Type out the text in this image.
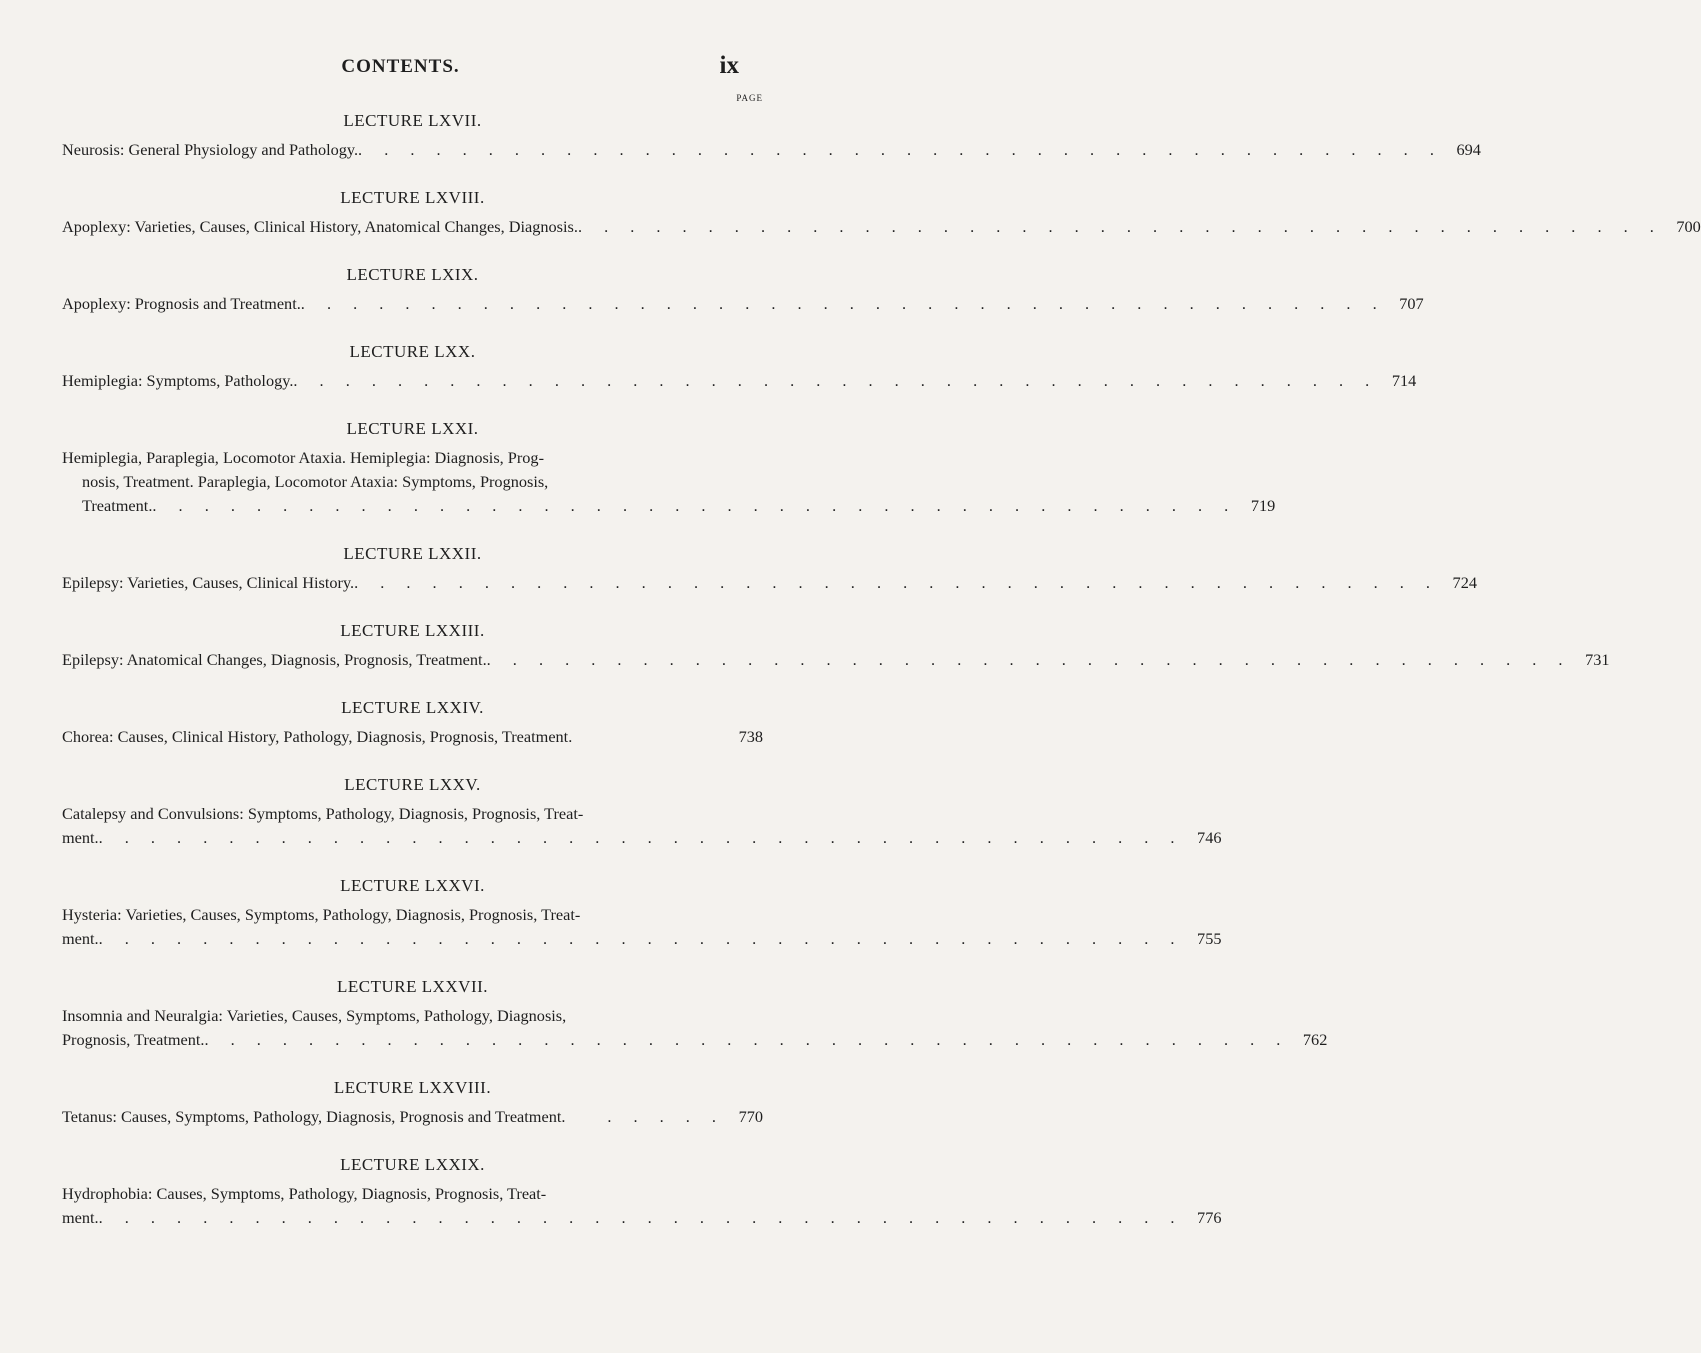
CONTENTS.	ix
PAGE
LECTURE LXVII.
Neurosis: General Physiology and Pathology. . . . . . . . . . . . . . . . . . . . . . . . . . . . . . . . . . . . . . . . . . . 694
LECTURE LXVIII.
Apoplexy: Varieties, Causes, Clinical History, Anatomical Changes, Diagnosis. . . . . . . . . . . . . . . . . . . . . . . . . . . . . . . . . . . . . . . . . . . 700
LECTURE LXIX.
Apoplexy: Prognosis and Treatment. . . . . . . . . . . . . . . . . . . . . . . . . . . . . . . . . . . . . . . . . . . 707
LECTURE LXX.
Hemiplegia: Symptoms, Pathology. . . . . . . . . . . . . . . . . . . . . . . . . . . . . . . . . . . . . . . . . . . 714
LECTURE LXXI.
Hemiplegia, Paraplegia, Locomotor Ataxia. Hemiplegia: Diagnosis, Prog-
nosis, Treatment. Paraplegia, Locomotor Ataxia: Symptoms, Prognosis,
Treatment. . . . . . . . . . . . . . . . . . . . . . . . . . . . . . . . . . . . . . . . . . . 719
LECTURE LXXII.
Epilepsy: Varieties, Causes, Clinical History. . . . . . . . . . . . . . . . . . . . . . . . . . . . . . . . . . . . . . . . . . . 724
LECTURE LXXIII.
Epilepsy: Anatomical Changes, Diagnosis, Prognosis, Treatment. . . . . . . . . . . . . . . . . . . . . . . . . . . . . . . . . . . . . . . . . . . 731
LECTURE LXXIV.
Chorea: Causes, Clinical History, Pathology, Diagnosis, Prognosis, Treatment.	738
LECTURE LXXV.
Catalepsy and Convulsions: Symptoms, Pathology, Diagnosis, Prognosis, Treat-
ment. . . . . . . . . . . . . . . . . . . . . . . . . . . . . . . . . . . . . . . . . . . 746
LECTURE LXXVI.
Hysteria: Varieties, Causes, Symptoms, Pathology, Diagnosis, Prognosis, Treat-
ment. . . . . . . . . . . . . . . . . . . . . . . . . . . . . . . . . . . . . . . . . . . 755
LECTURE LXXVII.
Insomnia and Neuralgia: Varieties, Causes, Symptoms, Pathology, Diagnosis,
Prognosis, Treatment. . . . . . . . . . . . . . . . . . . . . . . . . . . . . . . . . . . . . . . . . . . 762
LECTURE LXXVIII.
Tetanus: Causes, Symptoms, Pathology, Diagnosis, Prognosis and Treatment.	. . . . . 770
LECTURE LXXIX.
Hydrophobia: Causes, Symptoms, Pathology, Diagnosis, Prognosis, Treat-
ment. . . . . . . . . . . . . . . . . . . . . . . . . . . . . . . . . . . . . . . . . . . 776
